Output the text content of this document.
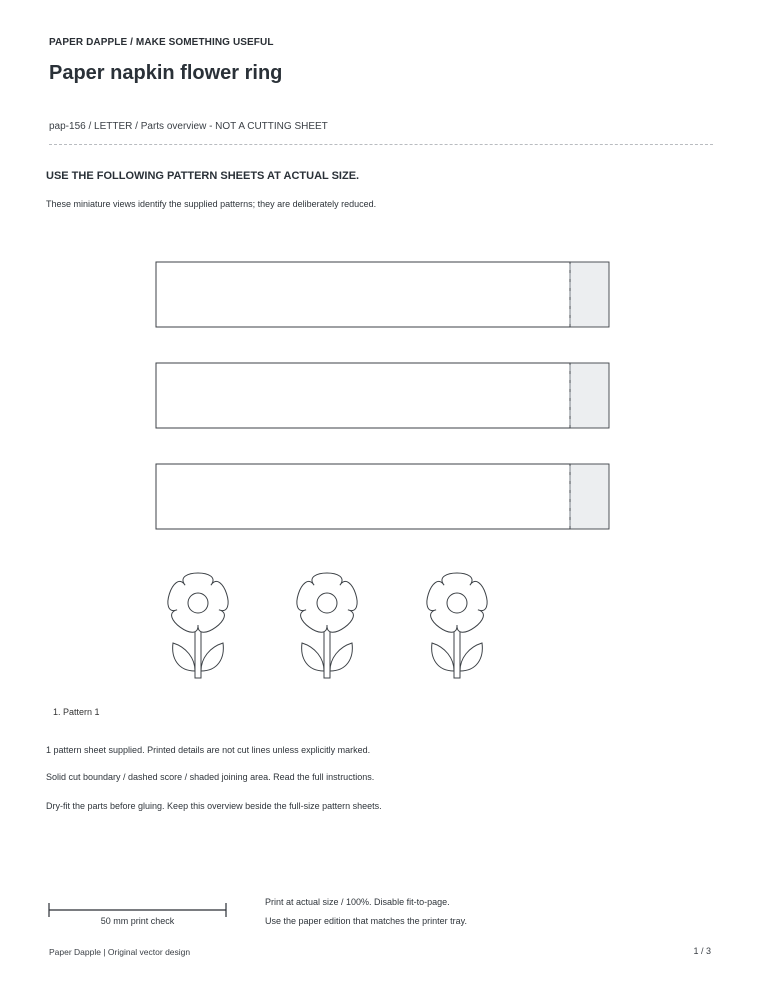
PAPER DAPPLE / MAKE SOMETHING USEFUL
Paper napkin flower ring
pap-156 / LETTER / Parts overview - NOT A CUTTING SHEET
USE THE FOLLOWING PATTERN SHEETS AT ACTUAL SIZE.
These miniature views identify the supplied patterns; they are deliberately reduced.
1. Pattern 1
1 pattern sheet supplied. Printed details are not cut lines unless explicitly marked.
Solid cut boundary / dashed score / shaded joining area. Read the full instructions.
Dry-fit the parts before gluing. Keep this overview beside the full-size pattern sheets.
50 mm print check
Print at actual size / 100%. Disable fit-to-page.
Use the paper edition that matches the printer tray.
Paper Dapple | Original vector design	1 / 3
